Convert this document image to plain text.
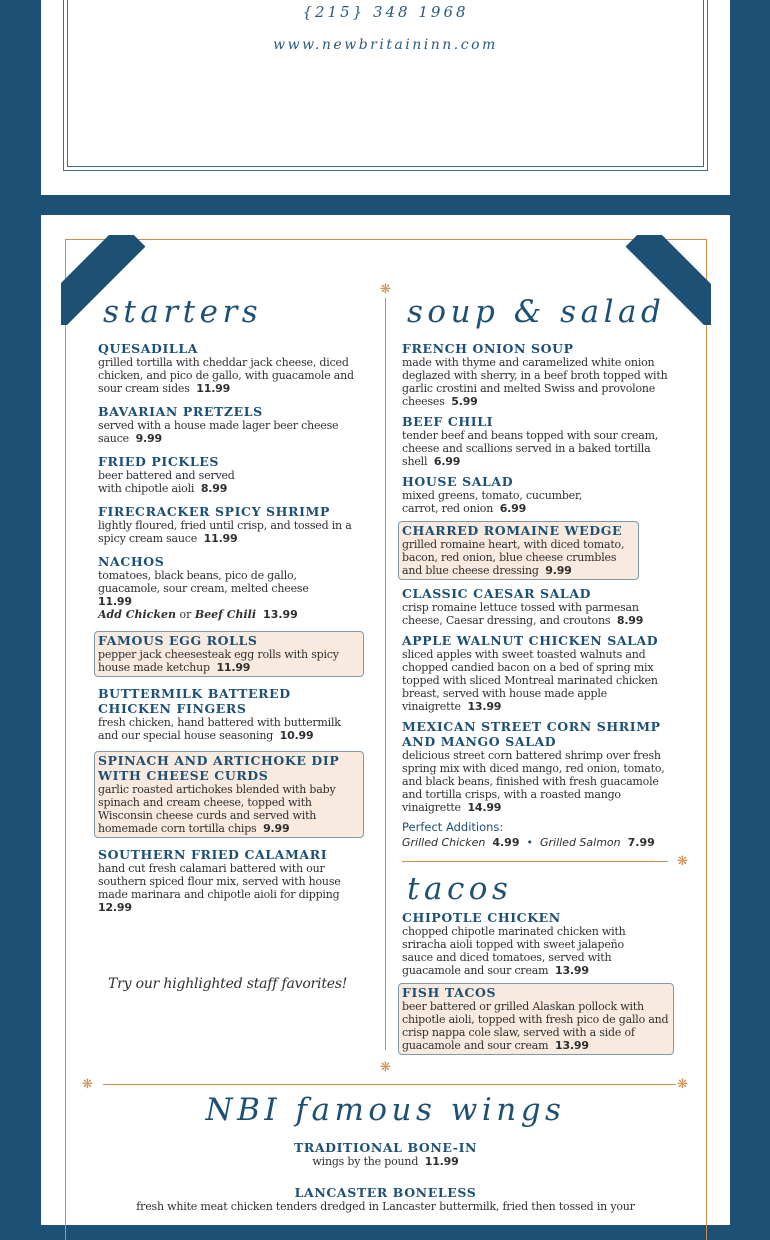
{215} 348 1968
www.newbritaininn.com
starters	soup & salad
tacos
NBI famous wings
❋
❋
❋
❋	❋
QUESADILLA
grilled tortilla with cheddar jack cheese, diced chicken, and pico de gallo, with guacamole and sour cream sides 11.99
BAVARIAN PRETZELS
served with a house made lager beer cheese sauce 9.99
FRIED PICKLES
beer battered and served with chipotle aioli 8.99
FIRECRACKER SPICY SHRIMP
lightly floured, fried until crisp, and tossed in a spicy cream sauce 11.99
NACHOS
tomatoes, black beans, pico de gallo, guacamole, sour cream, melted cheese  11.99
Add Chicken or Beef Chili 13.99
FAMOUS EGG ROLLS
pepper jack cheesesteak egg rolls with spicy house made ketchup 11.99
BUTTERMILK BATTERED CHICKEN FINGERS
fresh chicken, hand battered with buttermilk and our special house seasoning 10.99
SPINACH AND ARTICHOKE DIP WITH CHEESE CURDS
garlic roasted artichokes blended with baby spinach and cream cheese, topped with Wisconsin cheese curds and served with homemade corn tortilla chips 9.99
SOUTHERN FRIED CALAMARI
hand cut fresh calamari battered with our southern spiced flour mix, served with house made marinara and chipotle aioli for dipping  12.99
Try our highlighted staff favorites!
FRENCH ONION SOUP
made with thyme and caramelized white onion deglazed with sherry, in a beef broth topped with garlic crostini and melted Swiss and provolone cheeses 5.99
BEEF CHILI
tender beef and beans topped with sour cream, cheese and scallions served in a baked tortilla shell 6.99
HOUSE SALAD
mixed greens, tomato, cucumber, carrot, red onion 6.99
CHARRED ROMAINE WEDGE
grilled romaine heart, with diced tomato, bacon, red onion, blue cheese crumbles and blue cheese dressing 9.99
CLASSIC CAESAR SALAD
crisp romaine lettuce tossed with parmesan cheese, Caesar dressing, and croutons 8.99
APPLE WALNUT CHICKEN SALAD
sliced apples with sweet toasted walnuts and chopped candied bacon on a bed of spring mix topped with sliced Montreal marinated chicken breast, served with house made apple vinaigrette 13.99
MEXICAN STREET CORN SHRIMP AND MANGO SALAD
delicious street corn battered shrimp over fresh spring mix with diced mango, red onion, tomato, and black beans, finished with fresh guacamole and tortilla crisps, with a roasted mango vinaigrette 14.99
Perfect Additions:
Grilled Chicken 4.99 • Grilled Salmon 7.99
CHIPOTLE CHICKEN
chopped chipotle marinated chicken with sriracha aioli topped with sweet jalapeño sauce and diced tomatoes, served with guacamole and sour cream 13.99
FISH TACOS
beer battered or grilled Alaskan pollock with chipotle aioli, topped with fresh pico de gallo and crisp nappa cole slaw, served with a side of guacamole and sour cream 13.99
TRADITIONAL BONE-IN
wings by the pound 11.99
LANCASTER BONELESS
fresh white meat chicken tenders dredged in Lancaster buttermilk, fried then tossed in your
